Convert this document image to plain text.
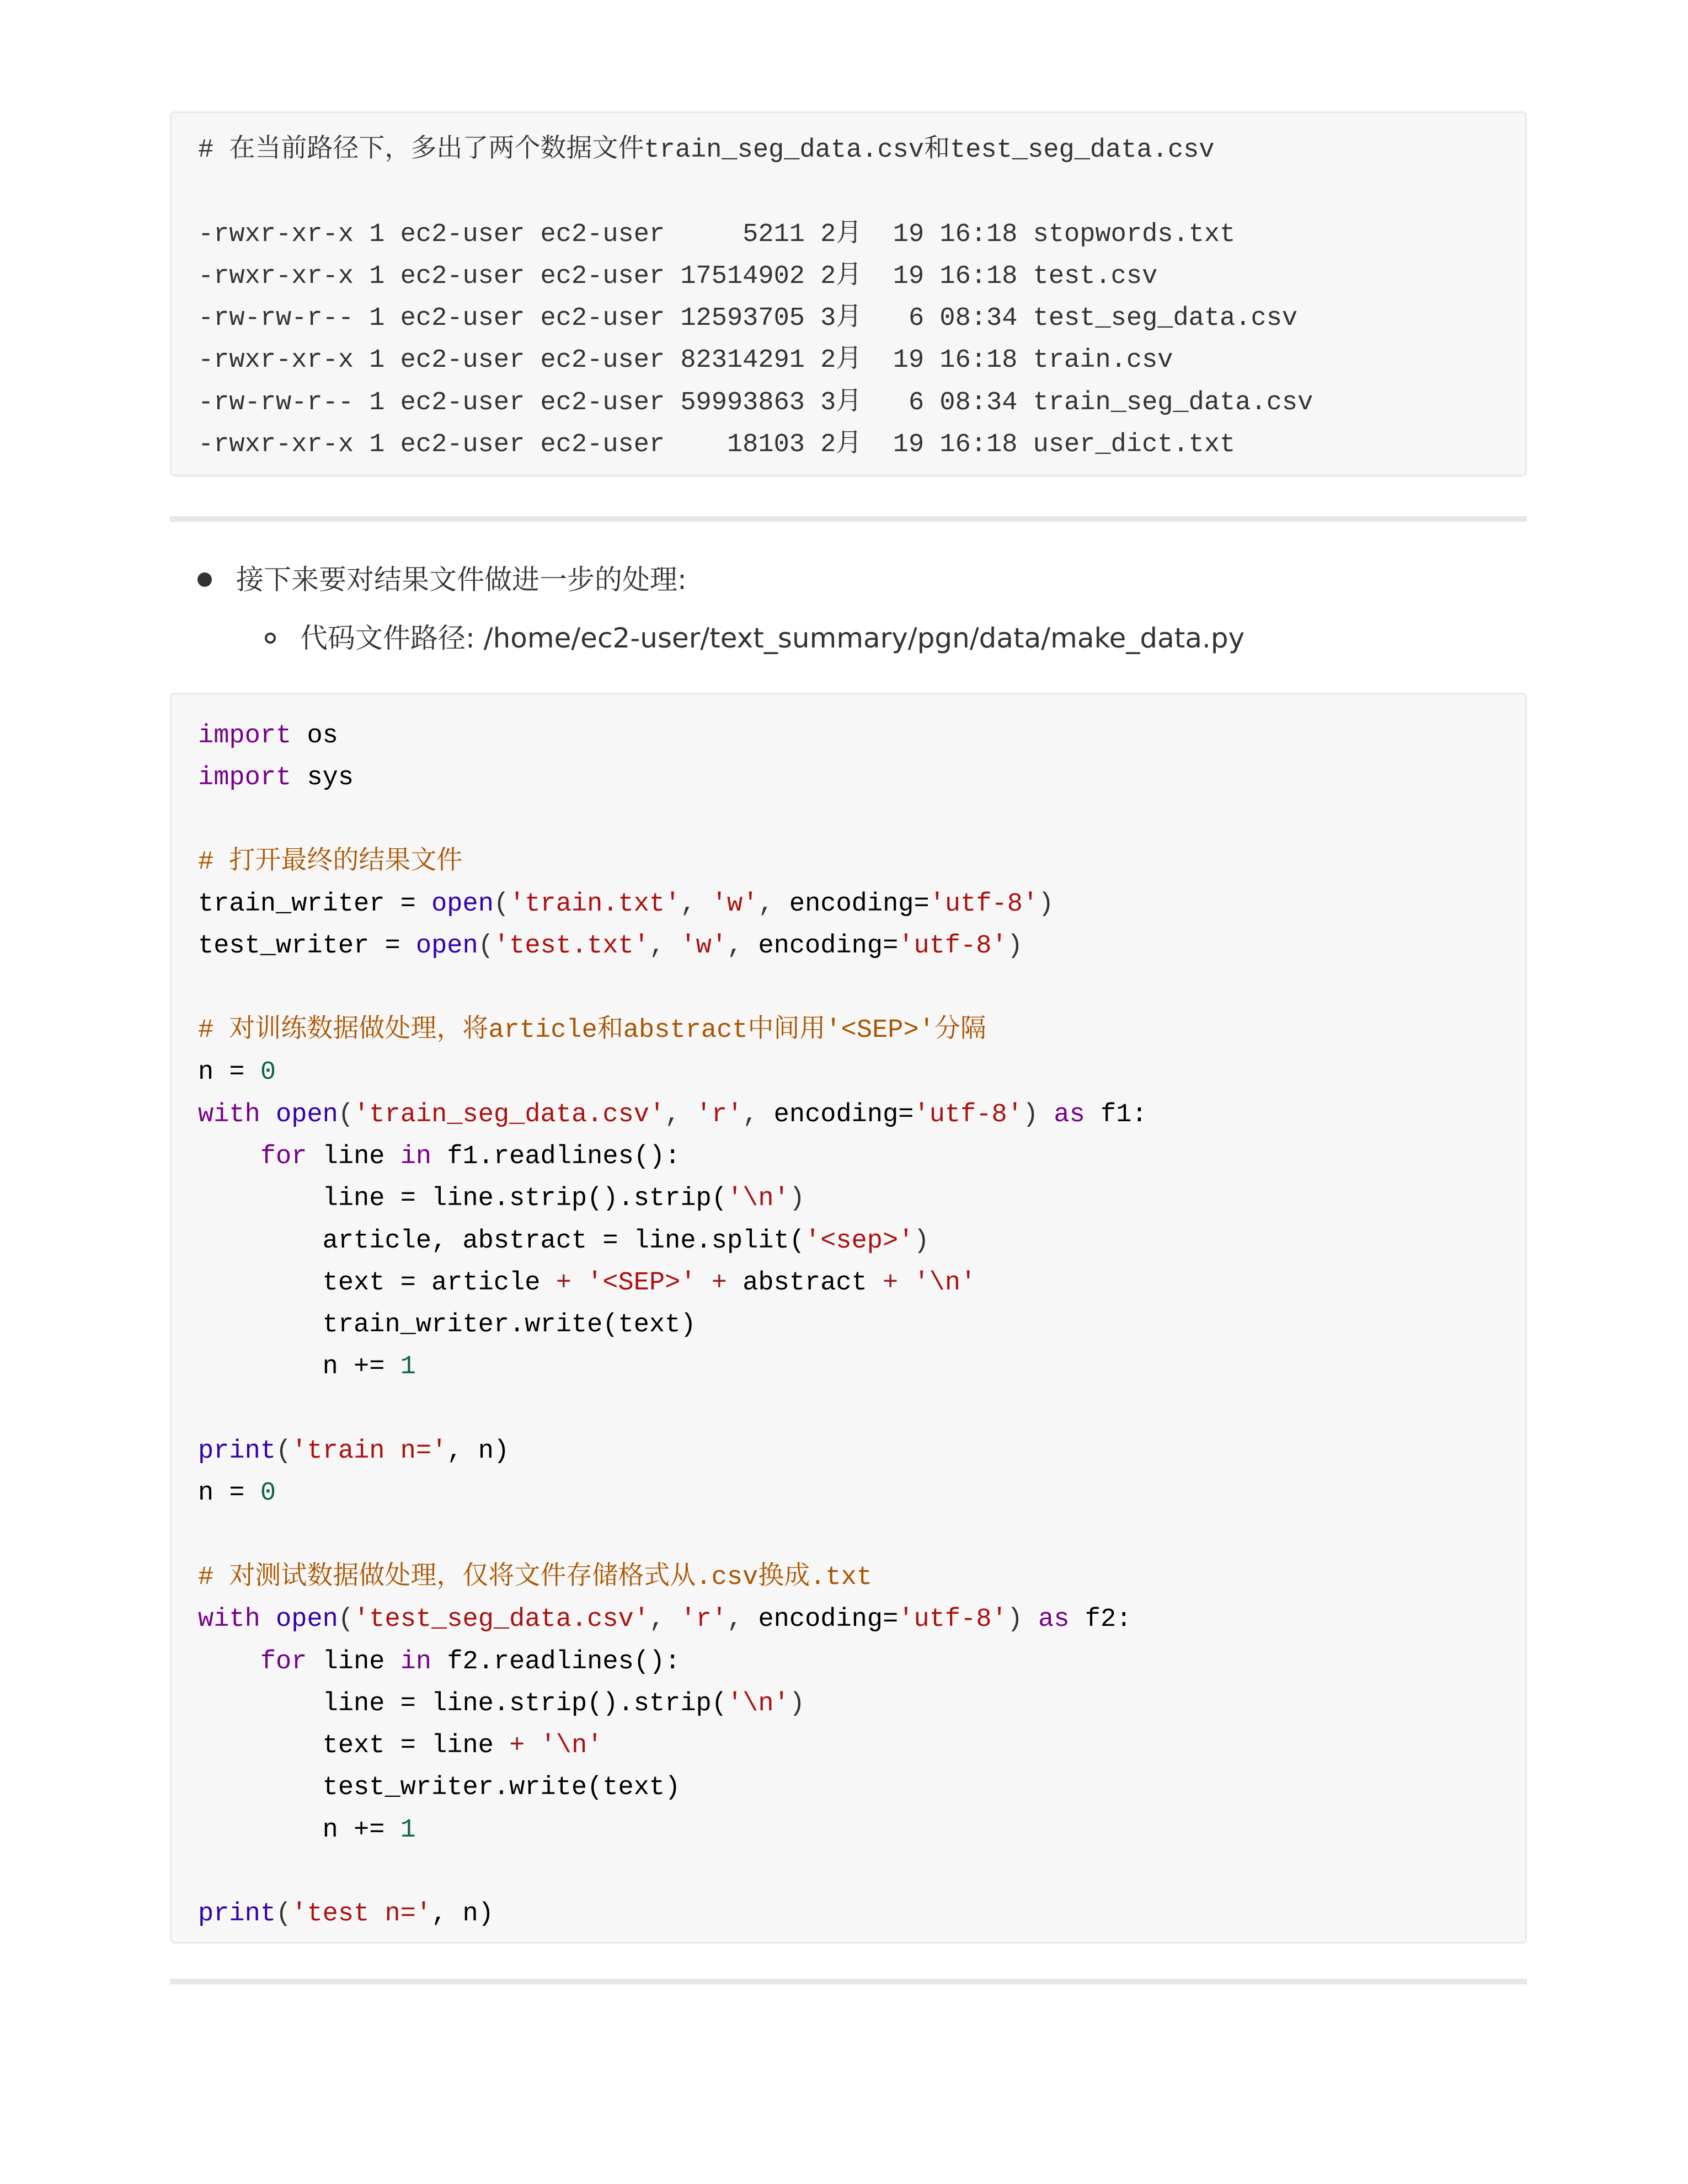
# 在当前路径下，多出了两个数据文件train_seg_data.csv和test_seg_data.csv
-rwxr-xr-x 1 ec2-user ec2-user     5211 2月  19 16:18 stopwords.txt
-rwxr-xr-x 1 ec2-user ec2-user 17514902 2月  19 16:18 test.csv
-rw-rw-r-- 1 ec2-user ec2-user 12593705 3月   6 08:34 test_seg_data.csv
-rwxr-xr-x 1 ec2-user ec2-user 82314291 2月  19 16:18 train.csv
-rw-rw-r-- 1 ec2-user ec2-user 59993863 3月   6 08:34 train_seg_data.csv
-rwxr-xr-x 1 ec2-user ec2-user    18103 2月  19 16:18 user_dict.txt
接下来要对结果文件做进一步的处理:
代码文件路径: /home/ec2-user/text_summary/pgn/data/make_data.py
import os
import sys
# 打开最终的结果文件
train_writer = open('train.txt', 'w', encoding='utf-8')
test_writer = open('test.txt', 'w', encoding='utf-8')
# 对训练数据做处理，将article和abstract中间用'<SEP>'分隔
n = 0
with open('train_seg_data.csv', 'r', encoding='utf-8') as f1:
for line in f1.readlines():
line = line.strip().strip('\n')
article, abstract = line.split('<sep>')
text = article + '<SEP>' + abstract + '\n'
train_writer.write(text)
n += 1
print('train n=', n)
n = 0
# 对测试数据做处理，仅将文件存储格式从.csv换成.txt
with open('test_seg_data.csv', 'r', encoding='utf-8') as f2:
for line in f2.readlines():
line = line.strip().strip('\n')
text = line + '\n'
test_writer.write(text)
n += 1
print('test n=', n)
